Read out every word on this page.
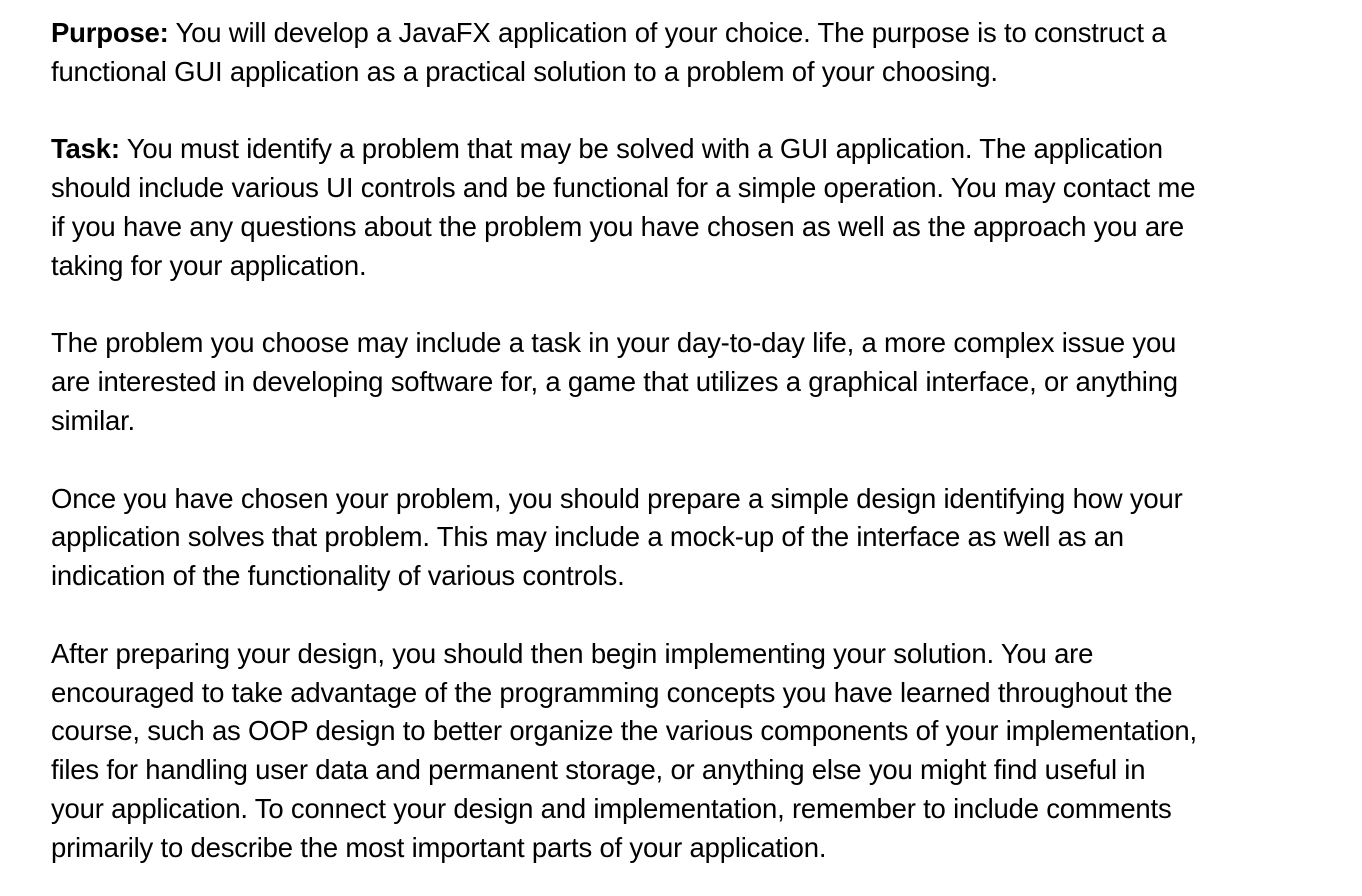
Purpose: You will develop a JavaFX application of your choice. The purpose is to construct a
functional GUI application as a practical solution to a problem of your choosing.

Task: You must identify a problem that may be solved with a GUI application. The application
should include various UI controls and be functional for a simple operation. You may contact me
if you have any questions about the problem you have chosen as well as the approach you are
taking for your application.

The problem you choose may include a task in your day-to-day life, a more complex issue you
are interested in developing software for, a game that utilizes a graphical interface, or anything
similar.

Once you have chosen your problem, you should prepare a simple design identifying how your
application solves that problem. This may include a mock-up of the interface as well as an
indication of the functionality of various controls.

After preparing your design, you should then begin implementing your solution. You are
encouraged to take advantage of the programming concepts you have learned throughout the
course, such as OOP design to better organize the various components of your implementation,
files for handling user data and permanent storage, or anything else you might find useful in
your application. To connect your design and implementation, remember to include comments
primarily to describe the most important parts of your application.
